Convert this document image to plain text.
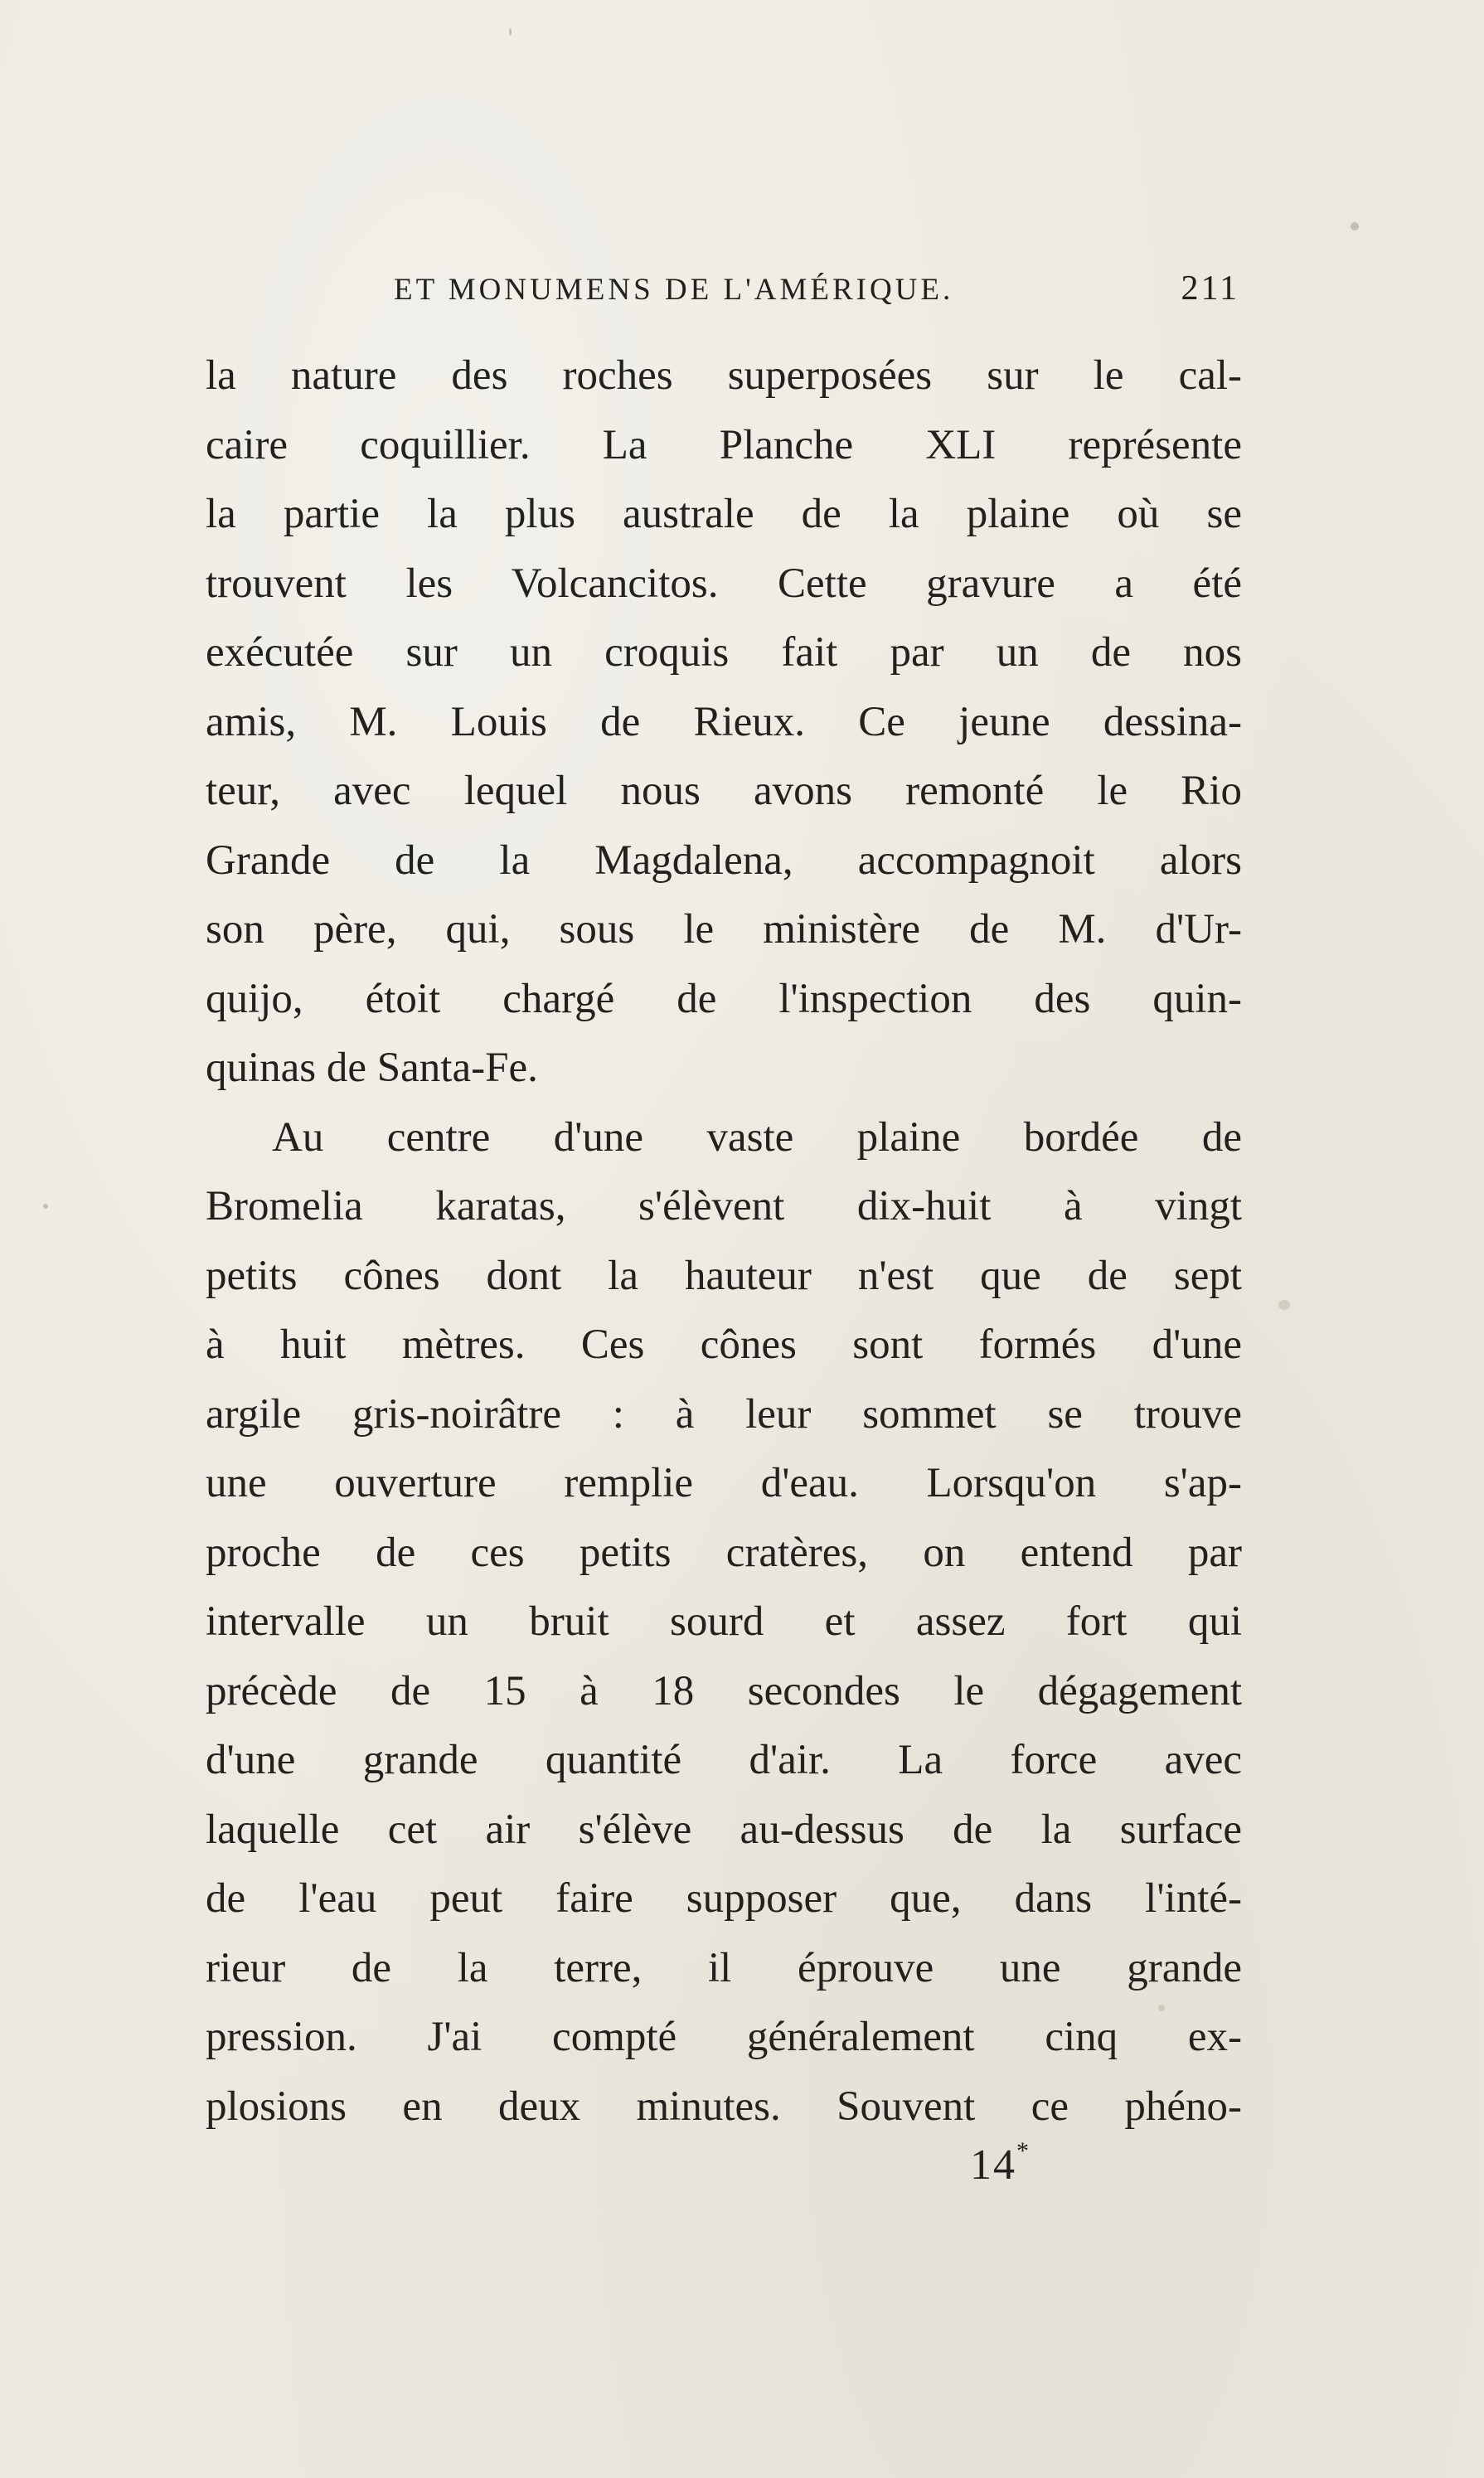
ET MONUMENS DE L'AMÉRIQUE.	211
la nature des roches superposées sur le cal-
caire coquillier. La Planche XLI représente
la partie la plus australe de la plaine où se
trouvent les Volcancitos. Cette gravure a été
exécutée sur un croquis fait par un de nos
amis, M. Louis de Rieux. Ce jeune dessina-
teur, avec lequel nous avons remonté le Rio
Grande de la Magdalena, accompagnoit alors
son père, qui, sous le ministère de M. d'Ur-
quijo, étoit chargé de l'inspection des quin-
quinas de Santa-Fe.
Au centre d'une vaste plaine bordée de
Bromelia karatas, s'élèvent dix-huit à vingt
petits cônes dont la hauteur n'est que de sept
à huit mètres. Ces cônes sont formés d'une
argile gris-noirâtre : à leur sommet se trouve
une ouverture remplie d'eau. Lorsqu'on s'ap-
proche de ces petits cratères, on entend par
intervalle un bruit sourd et assez fort qui
précède de 15 à 18 secondes le dégagement
d'une grande quantité d'air. La force avec
laquelle cet air s'élève au-dessus de la surface
de l'eau peut faire supposer que, dans l'inté-
rieur de la terre, il éprouve une grande
pression. J'ai compté généralement cinq ex-
plosions en deux minutes. Souvent ce phéno-
14*
